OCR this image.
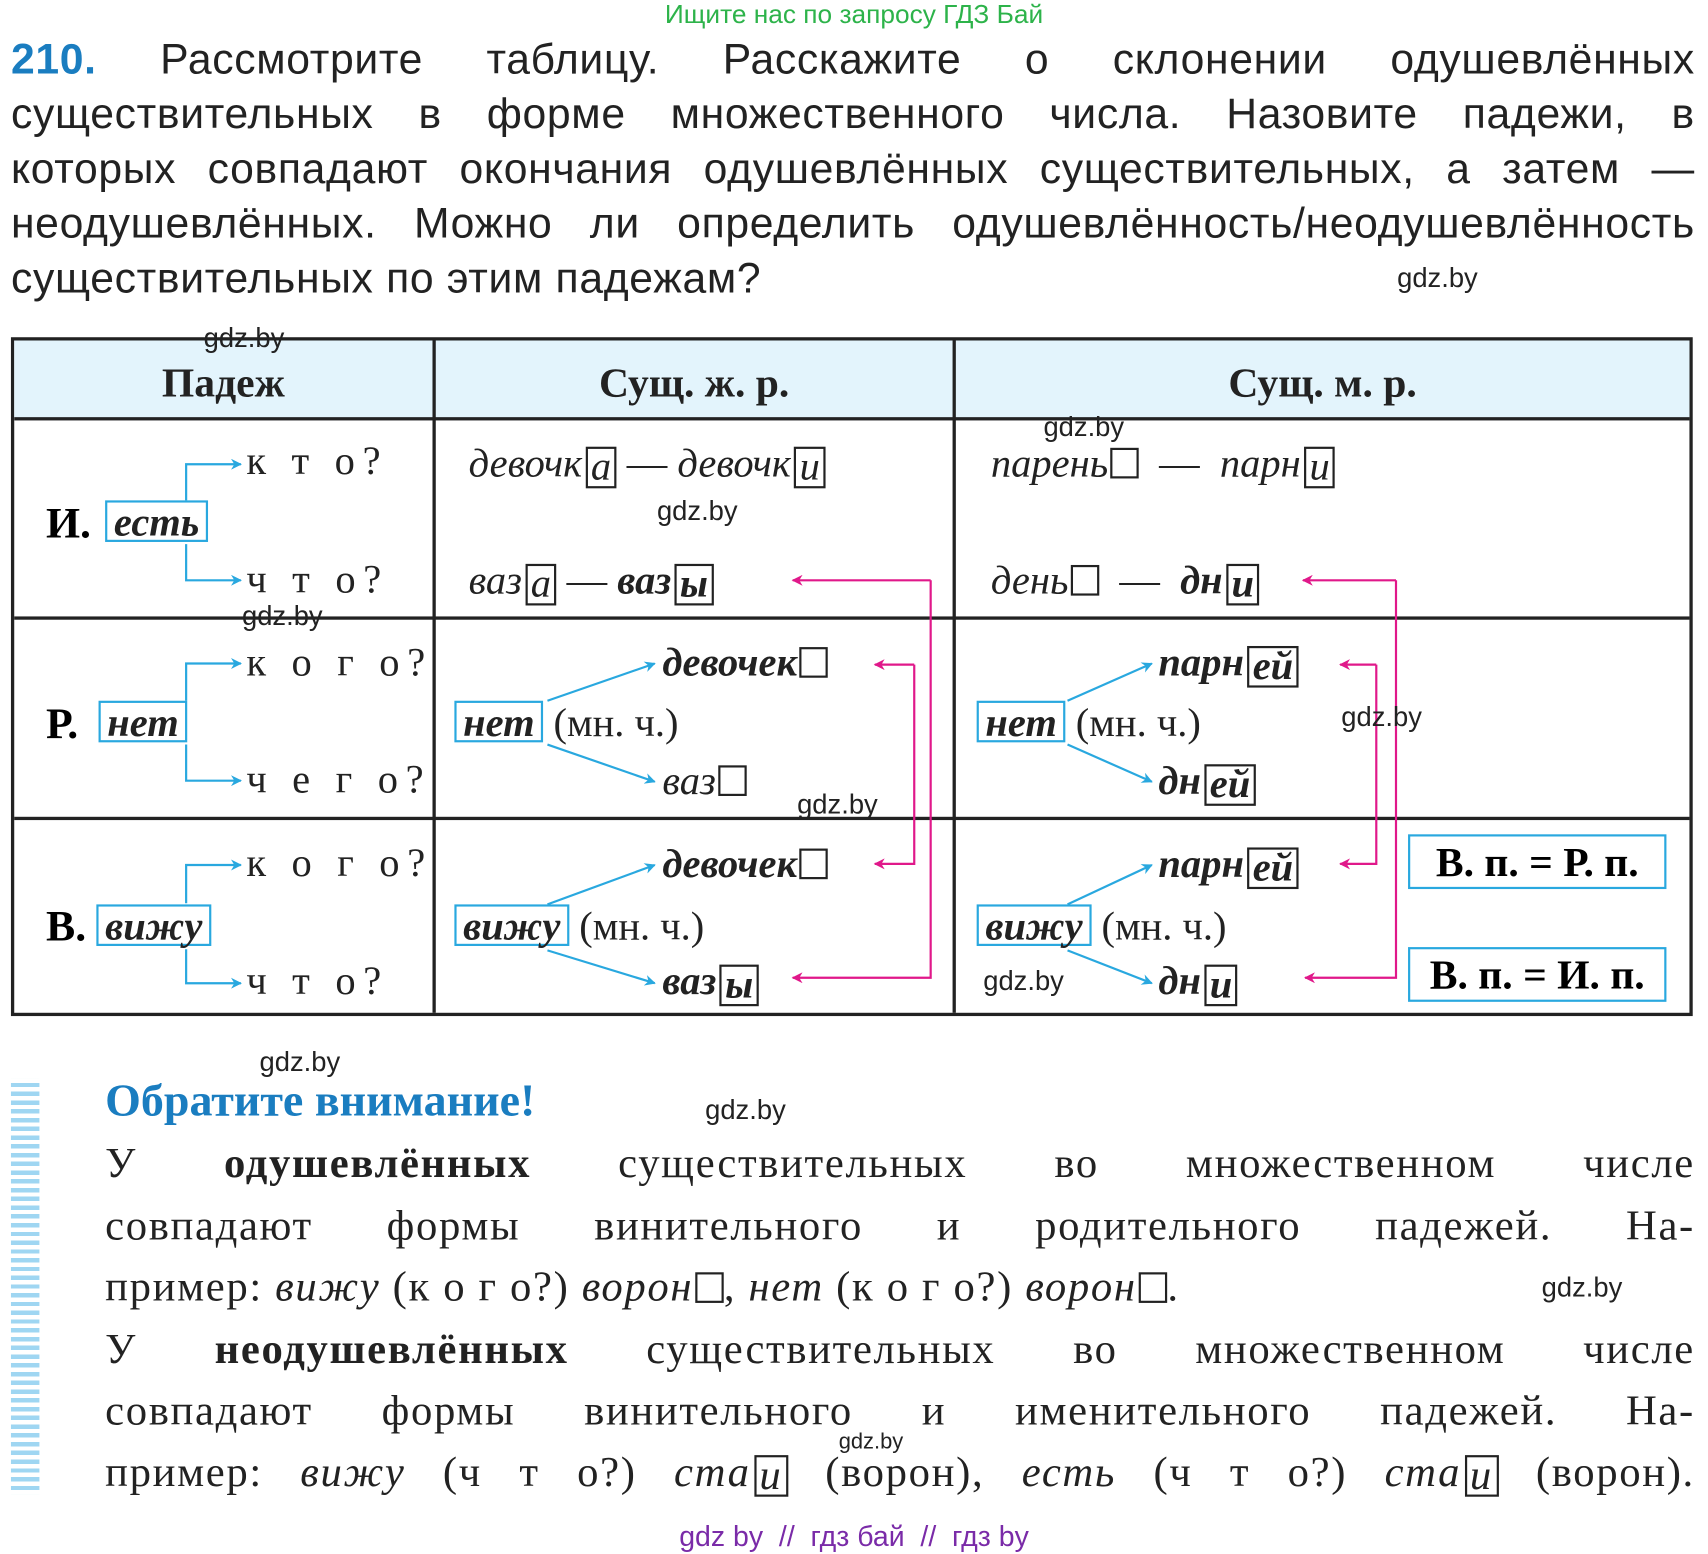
Ищите нас по запросу ГДЗ Бай
210. Рассмотрите таблицу. Расскажите о склонении одушевлённых
существительных в форме множественного числа. Назовите падежи, в
которых совпадают окончания одушевлённых существительных, а затем —
неодушевлённых. Можно ли определить одушевлённость/неодушевлённость
существительных по этим падежам?
Падеж	Сущ. ж. р.	Сущ. м. р.
И. есть
к т о?
ч т о?
девочк а — девочк и
ваз а — ваз ы
парень — парн и
день — дн и
Р. нет
к о г о?
ч е г о?
нет (мн. ч.)
девочек
ваз
нет (мн. ч.)
парн ей
дн ей
В. вижу
к о г о?
ч т о?
вижу (мн. ч.)
девочек
ваз ы
вижу (мн. ч.)
парн ей
дн и
В. п. = Р. п.
В. п. = И. п.
Обратите внимание!
У одушевлённых существительных во множественном числе
совпадают формы винительного и родительного падежей. На-
пример: вижу (к о г о?) ворон , нет (к о г о?) ворон .
У неодушевлённых существительных во множественном числе
совпадают формы винительного и именительного падежей. На-
пример: вижу (ч т о?) ста и (ворон), есть (ч т о?) ста и (ворон).
gdz.by
gdz.by
gdz.by
gdz.by
gdz.by
gdz.by
gdz.by
gdz.by
gdz.by
gdz.by
gdz.by
gdz.by
gdz by  //  гдз бай  //  гдз by
